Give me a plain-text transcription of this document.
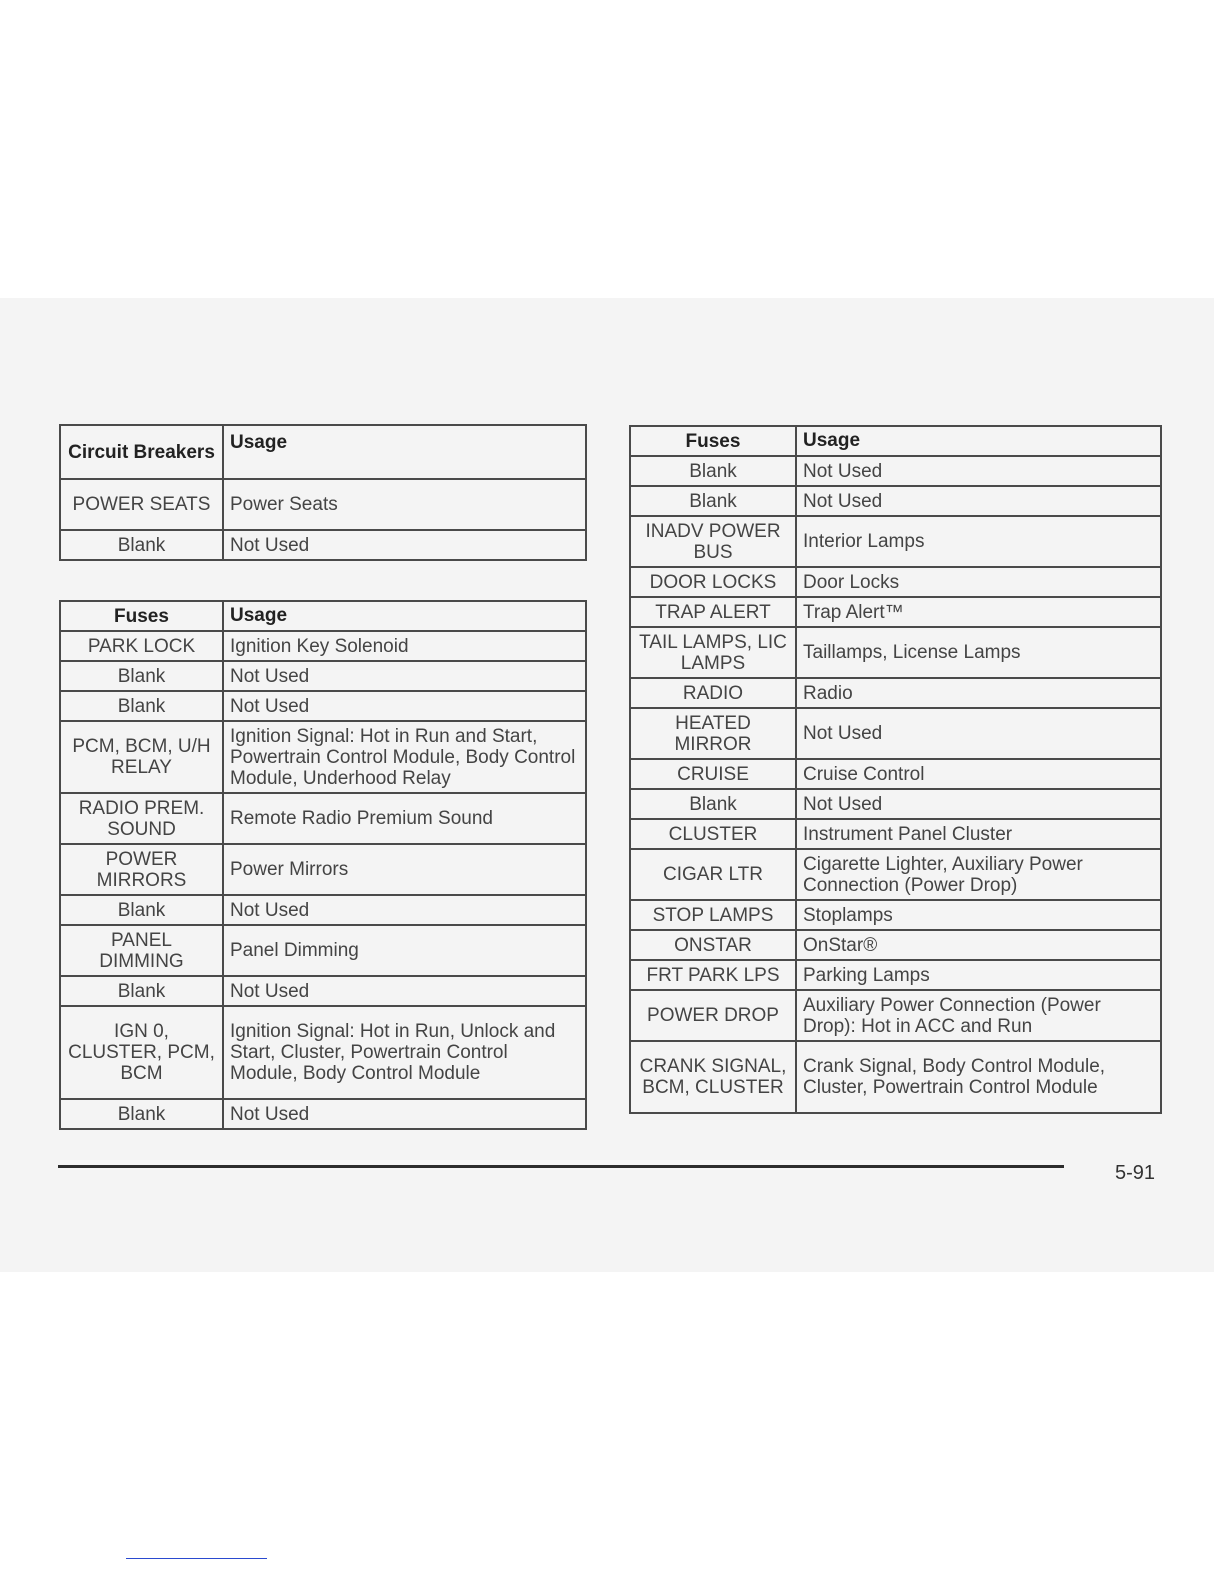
Circuit Breakers	Usage
POWER SEATS	Power Seats
Blank	Not Used
Fuses	Usage
PARK LOCK	Ignition Key Solenoid
Blank	Not Used
Blank	Not Used
PCM, BCM, U/H RELAY	Ignition Signal: Hot in Run and Start, Powertrain Control Module, Body Control Module, Underhood Relay
RADIO PREM. SOUND	Remote Radio Premium Sound
POWER MIRRORS	Power Mirrors
Blank	Not Used
PANEL DIMMING	Panel Dimming
Blank	Not Used
IGN 0, CLUSTER, PCM, BCM	Ignition Signal: Hot in Run, Unlock and Start, Cluster, Powertrain Control Module, Body Control Module
Blank	Not Used
Fuses	Usage
Blank	Not Used
Blank	Not Used
INADV POWER BUS	Interior Lamps
DOOR LOCKS	Door Locks
TRAP ALERT	Trap Alert™
TAIL LAMPS, LIC LAMPS	Taillamps, License Lamps
RADIO	Radio
HEATED MIRROR	Not Used
CRUISE	Cruise Control
Blank	Not Used
CLUSTER	Instrument Panel Cluster
CIGAR LTR	Cigarette Lighter, Auxiliary Power Connection (Power Drop)
STOP LAMPS	Stoplamps
ONSTAR	OnStar®
FRT PARK LPS	Parking Lamps
POWER DROP	Auxiliary Power Connection (Power Drop): Hot in ACC and Run
CRANK SIGNAL, BCM, CLUSTER	Crank Signal, Body Control Module, Cluster, Powertrain Control Module
5-91
